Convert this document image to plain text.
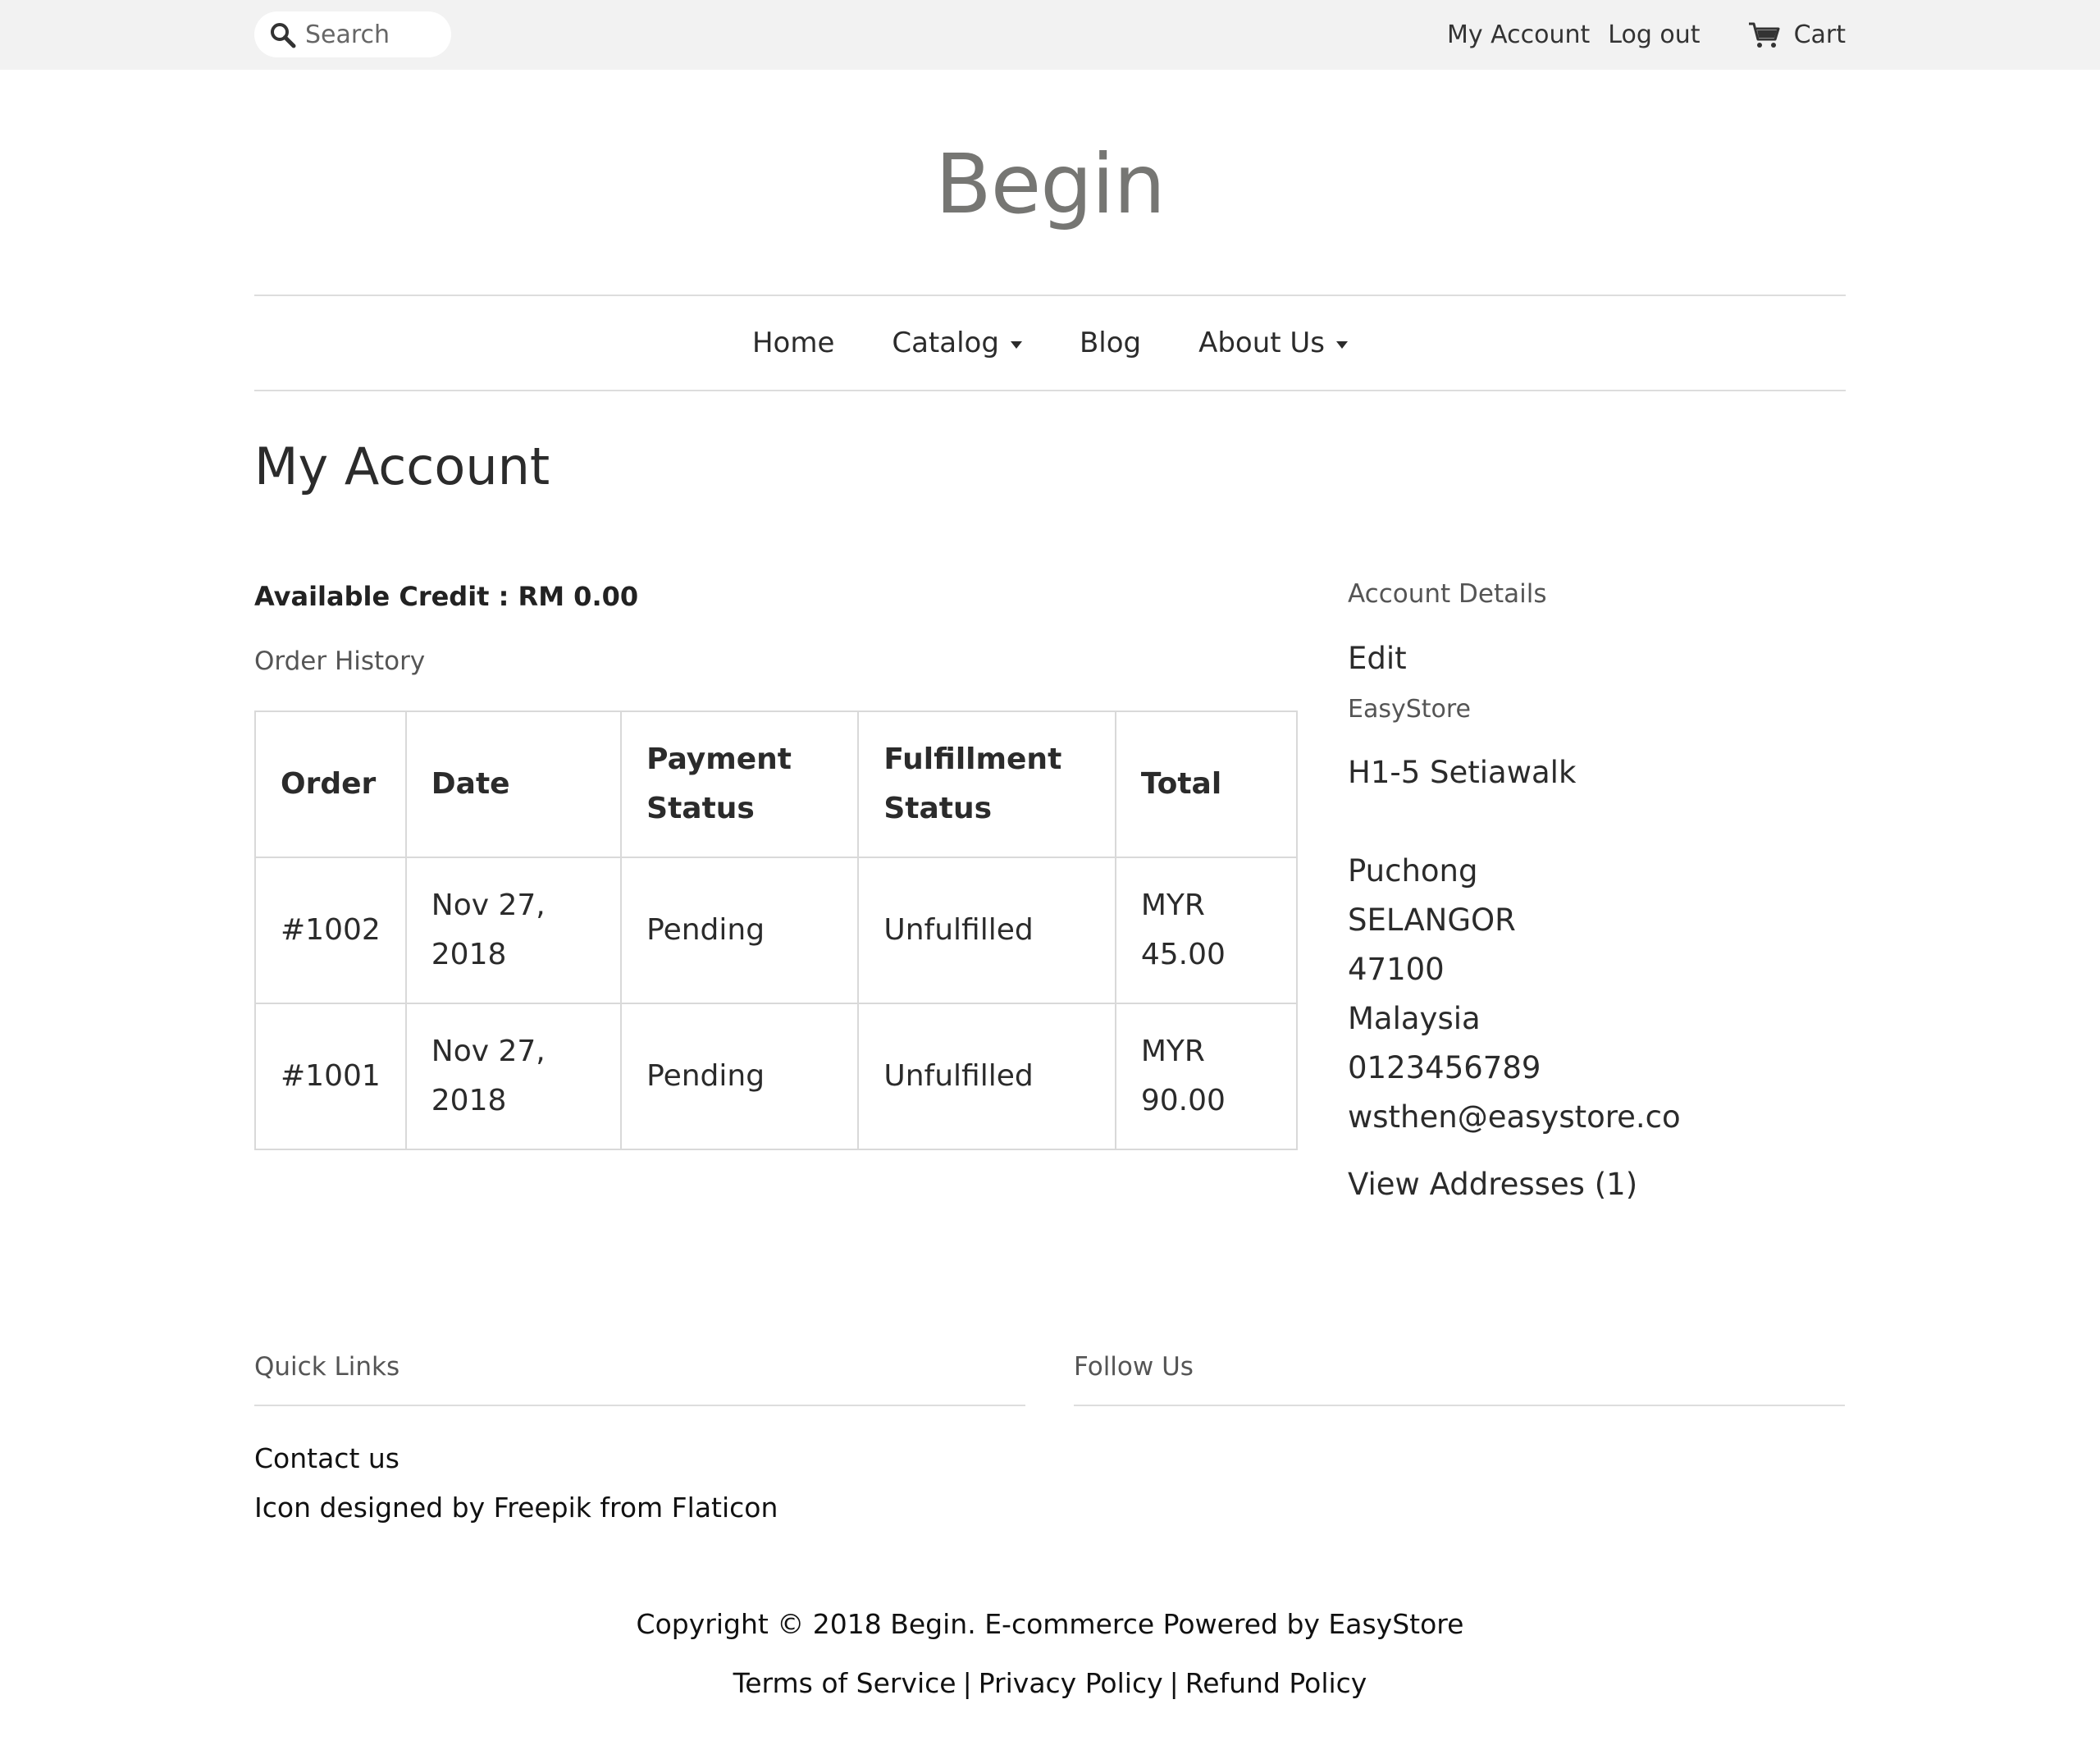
Search
My Account Log out	Cart
Begin
Home Catalog	Blog About Us
My Account
Available Credit : RM 0.00
Order History
Order	Date	Payment Status	Fulfillment Status	Total
#1002	Nov 27, 2018	Pending	Unfulfilled	MYR 45.00
#1001	Nov 27, 2018	Pending	Unfulfilled	MYR 90.00
Account Details
Edit
EasyStore
H1-5 Setiawalk
Puchong
SELANGOR
47100
Malaysia
0123456789
wsthen@easystore.co
View Addresses (1)
Quick Links
Contact us
Icon designed by Freepik from Flaticon
Follow Us
Copyright © 2018 Begin. E-commerce Powered by EasyStore
Terms of Service | Privacy Policy | Refund Policy
